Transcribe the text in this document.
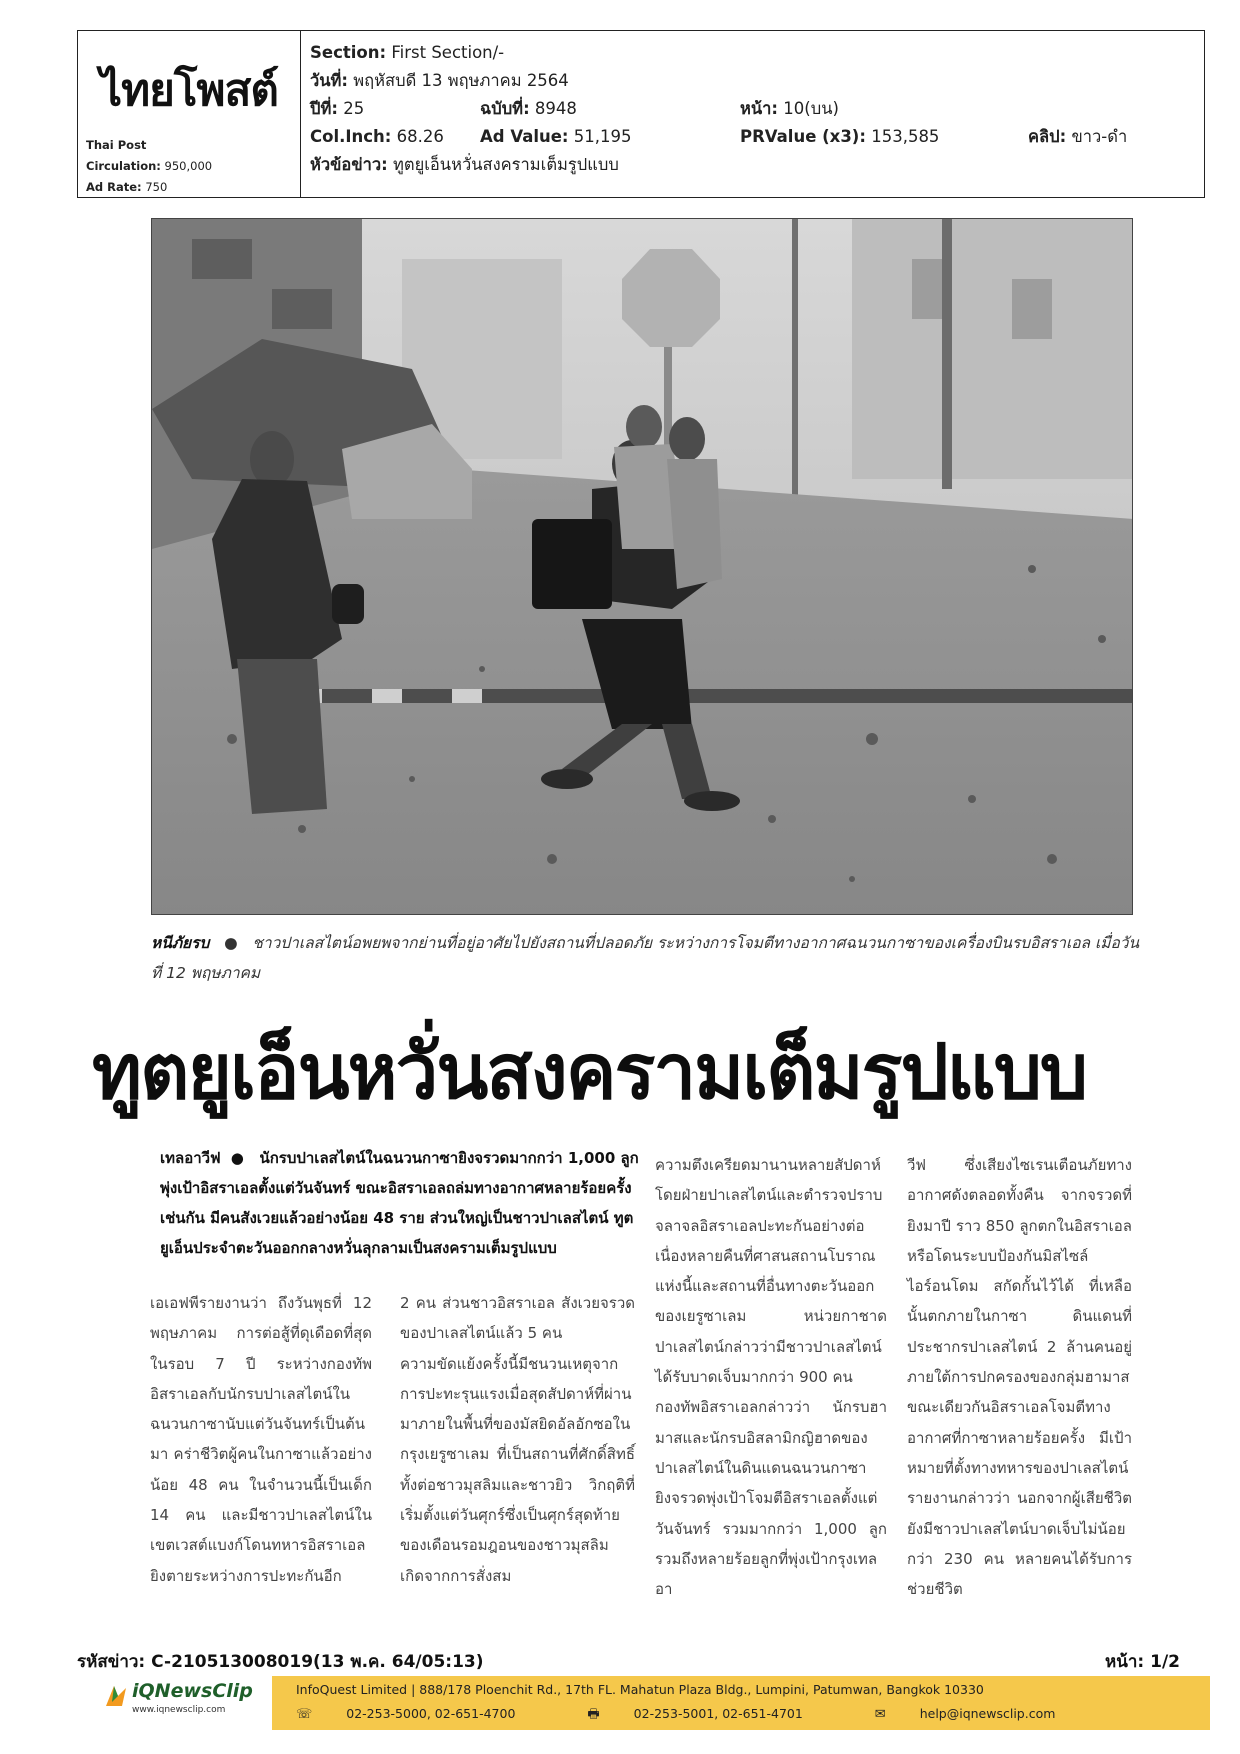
ไทยโพสต์
Thai Post
Circulation: 950,000
Ad Rate: 750
Section: First Section/-
วันที่: พฤหัสบดี 13 พฤษภาคม 2564
ปีที่: 25	ฉบับที่: 8948	หน้า: 10(บน)
Col.Inch: 68.26 Ad Value: 51,195	PRValue (x3): 153,585	คลิป: ขาว-ดำ
หัวข้อข่าว: ทูตยูเอ็นหวั่นสงครามเต็มรูปแบบ
หนีภัยรบ ● ชาวปาเลสไตน์อพยพจากย่านที่อยู่อาศัยไปยังสถานที่ปลอดภัย ระหว่างการโจมตีทางอากาศฉนวนกาซาของเครื่องบินรบอิสราเอล เมื่อวันที่ 12 พฤษภาคม
ทูตยูเอ็นหวั่นสงครามเต็มรูปแบบ
เทลอาวีฟ ● นักรบปาเลสไตน์ในฉนวนกาซายิงจรวดมากกว่า 1,000 ลูกพุ่งเป้าอิสราเอลตั้งแต่วันจันทร์ ขณะอิสราเอลถล่มทางอากาศหลายร้อยครั้งเช่นกัน มีคนสังเวยแล้วอย่างน้อย 48 ราย ส่วนใหญ่เป็นชาวปาเลสไตน์ ทูตยูเอ็นประจำตะวันออกกลางหวั่นลุกลามเป็นสงครามเต็มรูปแบบ
เอเอฟพีรายงานว่า ถึงวันพุธที่ 12 พฤษภาคม การต่อสู้ที่ดุเดือดที่สุดในรอบ 7 ปี ระหว่างกองทัพอิสราเอลกับนักรบปาเลสไตน์ในฉนวนกาซานับแต่วันจันทร์เป็นต้นมา คร่าชีวิตผู้คนในกาซาแล้วอย่างน้อย 48 คน ในจำนวนนี้เป็นเด็ก 14 คน และมีชาวปาเลสไตน์ในเขตเวสต์แบงก์โดนทหารอิสราเอลยิงตายระหว่างการปะทะกันอีก
2 คน ส่วนชาวอิสราเอล สังเวยจรวดของปาเลสไตน์แล้ว 5 คน
ความขัดแย้งครั้งนี้มีชนวนเหตุจากการปะทะรุนแรงเมื่อสุดสัปดาห์ที่ผ่านมาภายในพื้นที่ของมัสยิดอัลอักซอในกรุงเยรูซาเลม ที่เป็นสถานที่ศักดิ์สิทธิ์ทั้งต่อชาวมุสลิมและชาวยิว วิกฤติที่เริ่มตั้งแต่วันศุกร์ซึ่งเป็นศุกร์สุดท้ายของเดือนรอมฎอนของชาวมุสลิม เกิดจากการสั่งสม
ความตึงเครียดมานานหลายสัปดาห์ โดยฝ่ายปาเลสไตน์และตำรวจปราบจลาจลอิสราเอลปะทะกันอย่างต่อเนื่องหลายคืนที่ศาสนสถานโบราณแห่งนี้และสถานที่อื่นทางตะวันออกของเยรูซาเลม หน่วยกาชาดปาเลสไตน์กล่าวว่ามีชาวปาเลสไตน์ได้รับบาดเจ็บมากกว่า 900 คน
กองทัพอิสราเอลกล่าวว่า นักรบฮามาสและนักรบอิสลามิกญิฮาดของปาเลสไตน์ในดินแดนฉนวนกาซา ยิงจรวดพุ่งเป้าโจมตีอิสราเอลตั้งแต่วันจันทร์ รวมมากกว่า 1,000 ลูก รวมถึงหลายร้อยลูกที่พุ่งเป้ากรุงเทลอา
วีฟ ซึ่งเสียงไซเรนเตือนภัยทางอากาศดังตลอดทั้งคืน จากจรวดที่ยิงมาปี ราว 850 ลูกตกในอิสราเอล หรือโดนระบบป้องกันมิสไซล์ ไอร์อนโดม สกัดกั้นไว้ได้ ที่เหลือนั้นตกภายในกาซา ดินแดนที่ประชากรปาเลสไตน์ 2 ล้านคนอยู่ภายใต้การปกครองของกลุ่มฮามาส ขณะเดียวกันอิสราเอลโจมตีทางอากาศที่กาซาหลายร้อยครั้ง มีเป้าหมายที่ตั้งทางทหารของปาเลสไตน์
รายงานกล่าวว่า นอกจากผู้เสียชีวิต ยังมีชาวปาเลสไตน์บาดเจ็บไม่น้อยกว่า 230 คน หลายคนได้รับการช่วยชีวิต
รหัสข่าว: C-210513008019(13 พ.ค. 64/05:13)	หน้า: 1/2
iQNewsClip
www.iqnewsclip.com
InfoQuest Limited | 888/178 Ploenchit Rd., 17th FL. Mahatun Plaza Bldg., Lumpini, Patumwan, Bangkok 10330
☏	02-253-5000, 02-651-4700	🖶	02-253-5001, 02-651-4701	✉	help@iqnewsclip.com
